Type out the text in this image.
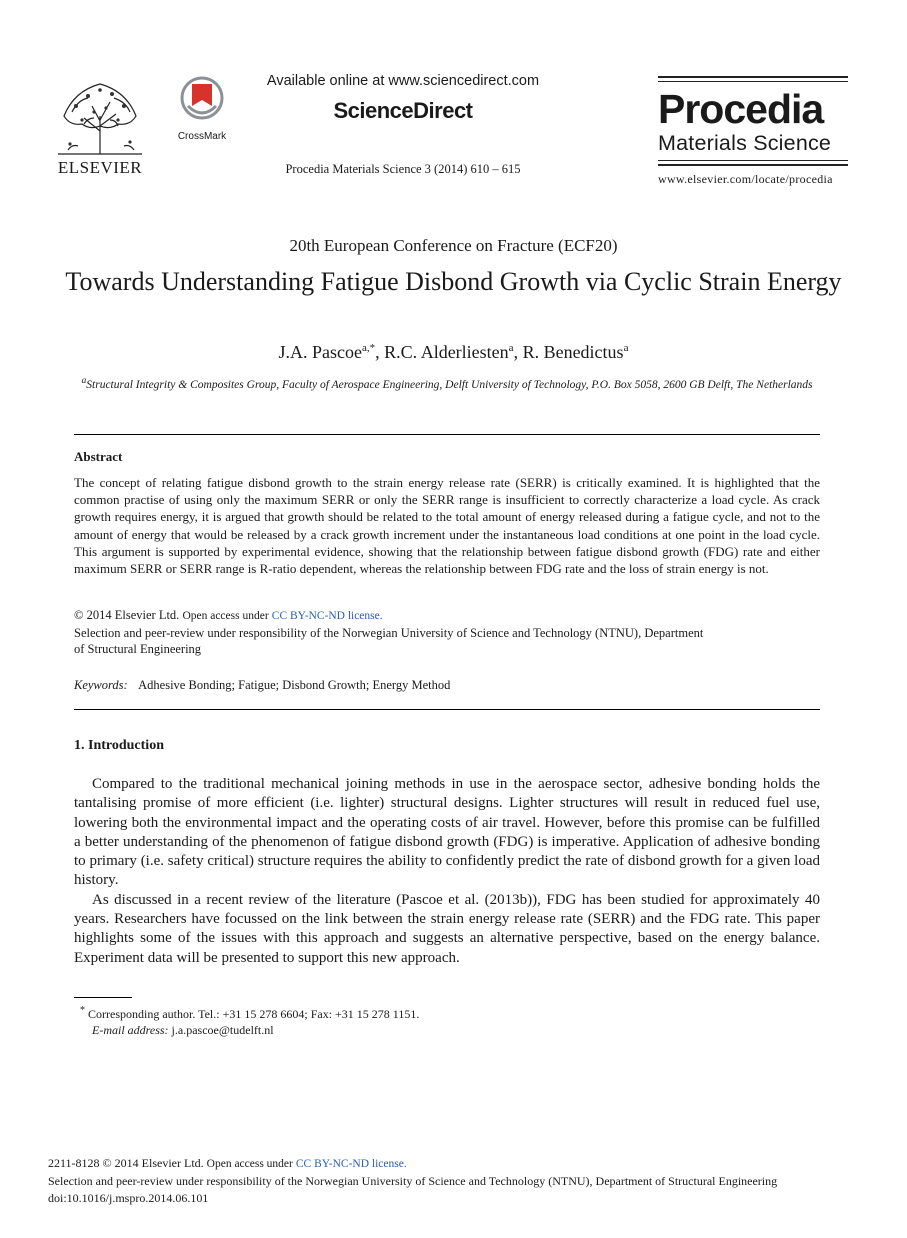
ELSEVIER
CrossMark
Available online at www.sciencedirect.com
ScienceDirect
Procedia Materials Science 3 (2014) 610 – 615
Procedia
Materials Science
www.elsevier.com/locate/procedia
20th European Conference on Fracture (ECF20)
Towards Understanding Fatigue Disbond Growth via Cyclic Strain Energy
J.A. Pascoe$^{a,*}$, R.C. Alderliesten$^a$, R. Benedictus$^a$
$^a$Structural Integrity & Composites Group, Faculty of Aerospace Engineering, Delft University of Technology, P.O. Box 5058, 2600 GB Delft, The Netherlands
Abstract
The concept of relating fatigue disbond growth to the strain energy release rate (SERR) is critically examined. It is highlighted that the common practise of using only the maximum SERR or only the SERR range is insufficient to correctly characterize a load cycle. As crack growth requires energy, it is argued that growth should be related to the total amount of energy released during a fatigue cycle, and not to the amount of energy that would be released by a crack growth increment under the instantaneous load conditions at one point in the load cycle. This argument is supported by experimental evidence, showing that the relationship between fatigue disbond growth (FDG) rate and either maximum SERR or SERR range is R-ratio dependent, whereas the relationship between FDG rate and the loss of strain energy is not.
© 2014 Elsevier Ltd. Open access under CC BY-NC-ND license.
Selection and peer-review under responsibility of the Norwegian University of Science and Technology (NTNU), Department
of Structural Engineering
Keywords: Adhesive Bonding; Fatigue; Disbond Growth; Energy Method
1. Introduction

Compared to the traditional mechanical joining methods in use in the aerospace sector, adhesive bonding holds the tantalising promise of more efficient (i.e. lighter) structural designs. Lighter structures will result in reduced fuel use, lowering both the environmental impact and the operating costs of air travel. However, before this promise can be fulfilled a better understanding of the phenomenon of fatigue disbond growth (FDG) is imperative. Application of adhesive bonding to primary (i.e. safety critical) structure requires the ability to confidently predict the rate of disbond growth for a given load history.

As discussed in a recent review of the literature (Pascoe et al. (2013b)), FDG has been studied for approximately 40 years. Researchers have focussed on the link between the strain energy release rate (SERR) and the FDG rate. This paper highlights some of the issues with this approach and suggests an alternative perspective, based on the energy balance. Experiment data will be presented to support this new approach.

* Corresponding author. Tel.: +31 15 278 6604; Fax: +31 15 278 1151.
E-mail address: j.a.pascoe@tudelft.nl
2211-8128 © 2014 Elsevier Ltd. Open access under CC BY-NC-ND license.
Selection and peer-review under responsibility of the Norwegian University of Science and Technology (NTNU), Department of Structural Engineering
doi:10.1016/j.mspro.2014.06.101
